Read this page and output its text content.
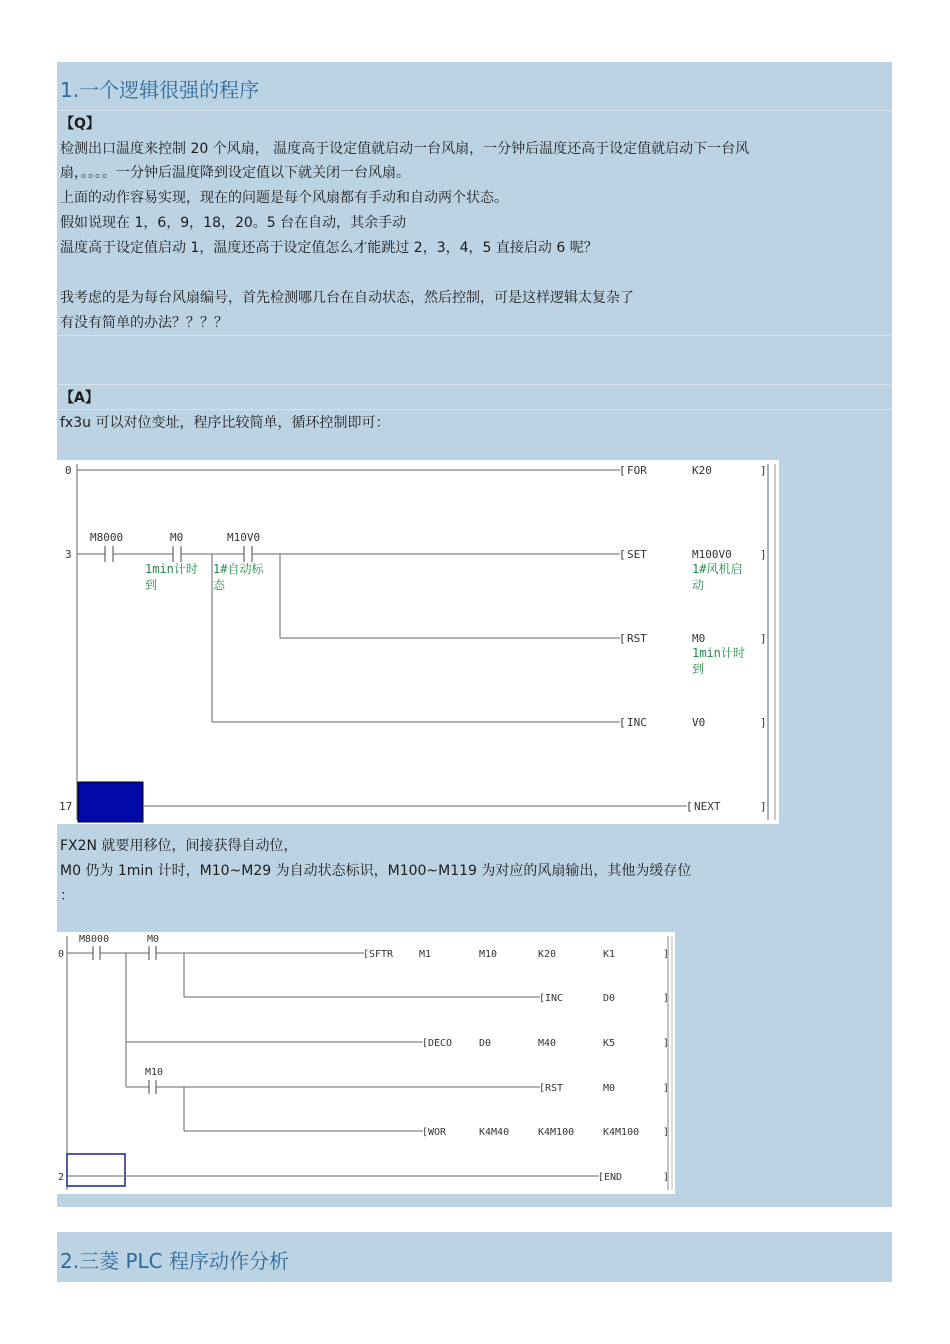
1.一个逻辑很强的程序
【Q】
检测出口温度来控制 20 个风扇， 温度高于设定值就启动一台风扇，一分钟后温度还高于设定值就启动下一台风
扇，。。。。一分钟后温度降到设定值以下就关闭一台风扇。
上面的动作容易实现，现在的问题是每个风扇都有手动和自动两个状态。
假如说现在 1，6，9，18，20。5 台在自动，其余手动
温度高于设定值启动 1，温度还高于设定值怎么才能跳过 2，3，4，5 直接启动 6 呢？
我考虑的是为每台风扇编号，首先检测哪几台在自动状态，然后控制，可是这样逻辑太复杂了
有没有简单的办法？？？？
【A】
fx3u 可以对位变址，程序比较简单，循环控制即可：
0
3
17
[ FOR	K20	]
M8000	M0	M10V0
1min计时
到
1#自动标
态
[ SET	M100V0	]
1#风机启
动
[ RST	M0	]
1min计时
到
[ INC	V0	]
[ NEXT	]
FX2N 就要用移位，间接获得自动位，
M0 仍为 1min 计时，M10~M29 为自动状态标识，M100~M119 为对应的风扇输出，其他为缓存位
：
0
2
M8000	M0
[ SFTR	M1	M10	K20	K1	]
[ INC	D0	]
[ DECO	D0	M40	K5	]
M10
[ RST	M0	]
[ WOR	K4M40	K4M100	K4M100 ]
[ END	]
2.三菱 PLC 程序动作分析
